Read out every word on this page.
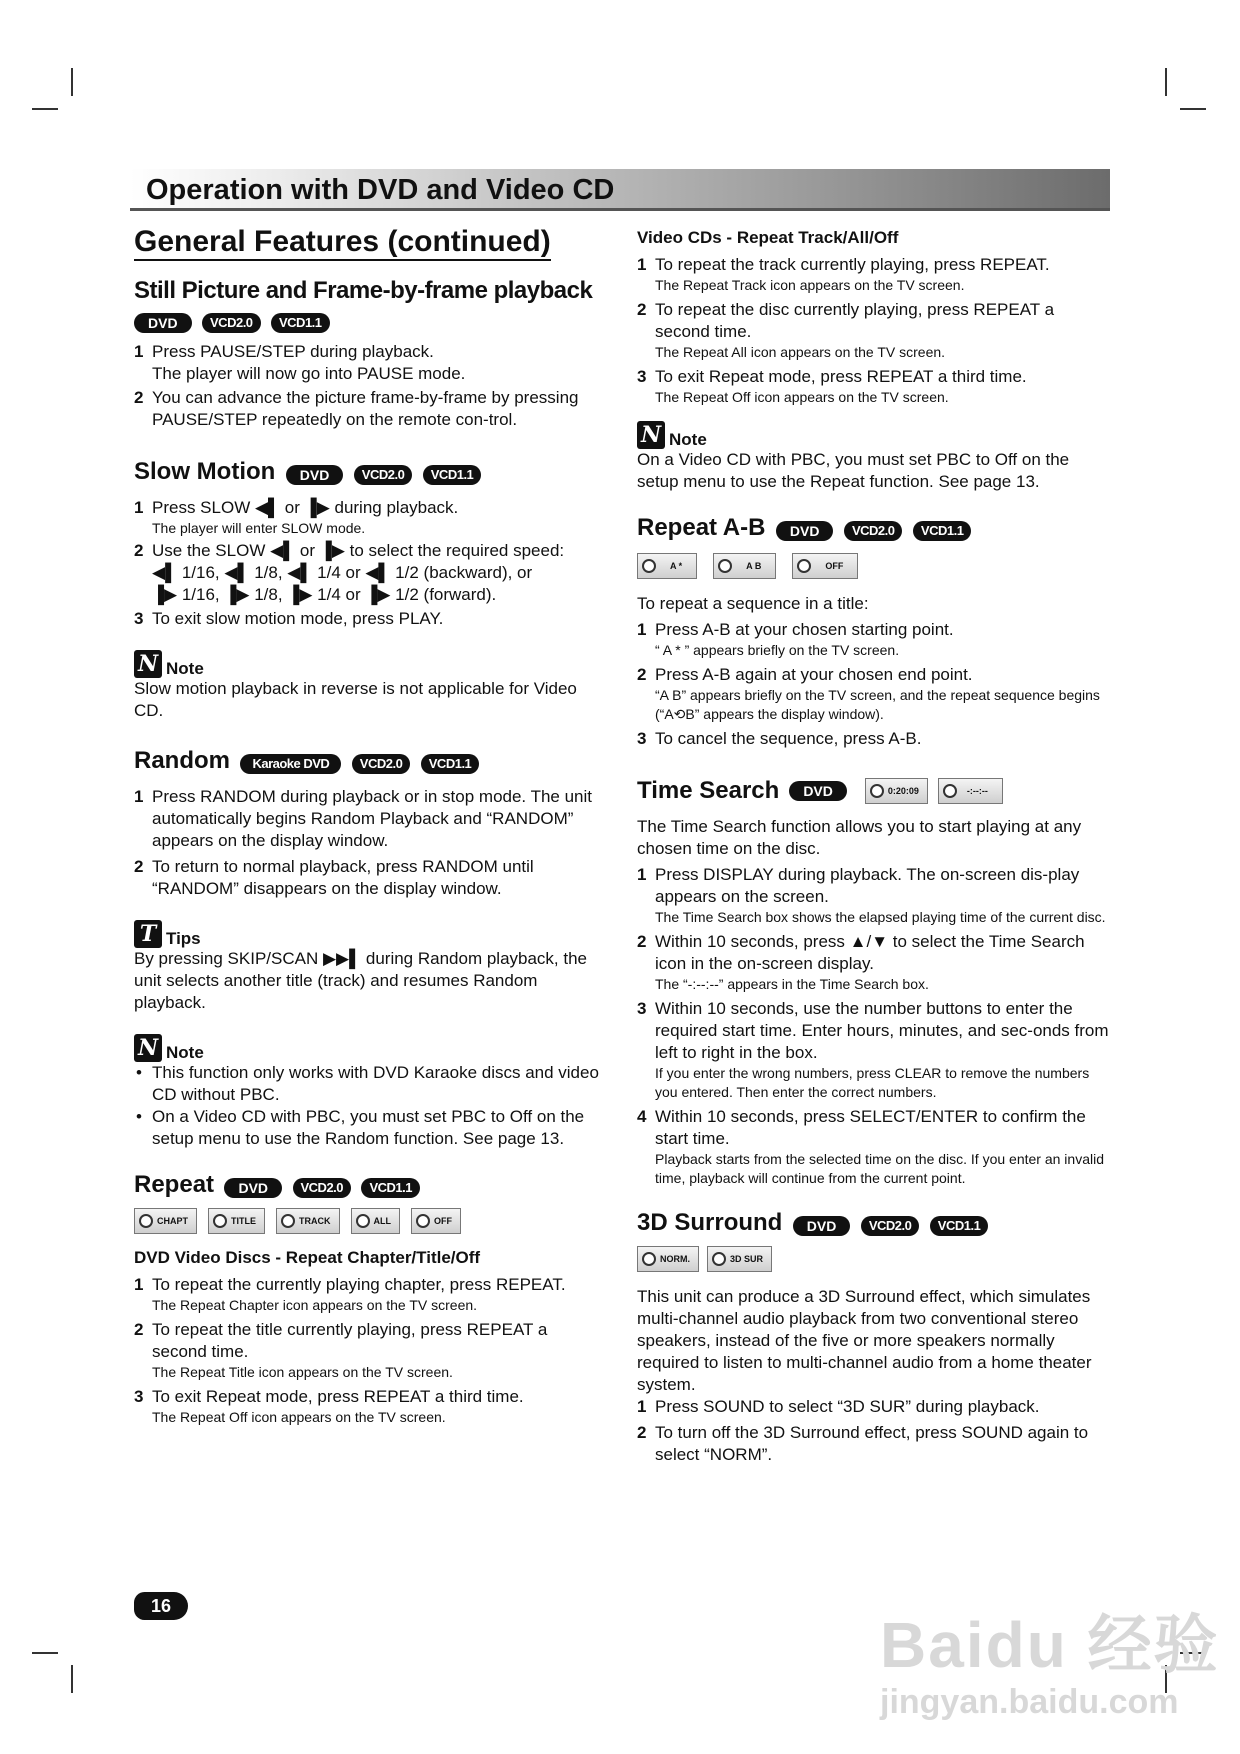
Operation with DVD and Video CD
General Features (continued)
Still Picture and Frame-by-frame playback
DVD VCD2.0 VCD1.1
1 Press PAUSE/STEP during playback.
The player will now go into PAUSE mode.
2 You can advance the picture frame-by-frame by pressing PAUSE/STEP repeatedly on the remote con-trol.
Slow Motion DVD VCD2.0 VCD1.1
1 Press SLOW ◀▌ or ▐▶ during playback.
The player will enter SLOW mode.
2 Use the SLOW ◀▌ or ▐▶ to select the required speed:
◀▌ 1/16, ◀▌ 1/8, ◀▌ 1/4 or ◀▌ 1/2 (backward), or
▐▶ 1/16, ▐▶ 1/8, ▐▶ 1/4 or ▐▶ 1/2 (forward).
3 To exit slow motion mode, press PLAY.
N Note

Slow motion playback in reverse is not applicable for Video CD.

Random Karaoke DVD VCD2.0 VCD1.1
1 Press RANDOM during playback or in stop mode. The unit automatically begins Random Playback and “RANDOM” appears on the display window.
2 To return to normal playback, press RANDOM until “RANDOM” disappears on the display window.
T Tips

By pressing SKIP/SCAN ▶▶▌ during Random playback, the unit selects another title (track) and resumes Random playback.

N Note
• This function only works with DVD Karaoke discs and video CD without PBC.
• On a Video CD with PBC, you must set PBC to Off on the setup menu to use the Random function. See page 13.
Repeat DVD VCD2.0 VCD1.1
CHAPT	TITLE	TRACK	ALL	OFF
DVD Video Discs - Repeat Chapter/Title/Off
1 To repeat the currently playing chapter, press REPEAT.
The Repeat Chapter icon appears on the TV screen.
2 To repeat the title currently playing, press REPEAT a second time.
The Repeat Title icon appears on the TV screen.
3 To exit Repeat mode, press REPEAT a third time.
The Repeat Off icon appears on the TV screen.
Video CDs - Repeat Track/All/Off
1 To repeat the track currently playing, press REPEAT.
The Repeat Track icon appears on the TV screen.
2 To repeat the disc currently playing, press REPEAT a second time.
The Repeat All icon appears on the TV screen.
3 To exit Repeat mode, press REPEAT a third time.
The Repeat Off icon appears on the TV screen.
N Note

On a Video CD with PBC, you must set PBC to Off on the setup menu to use the Repeat function. See page 13.

Repeat A-B DVD VCD2.0 VCD1.1
A *	A B	OFF

To repeat a sequence in a title:

1 Press A-B at your chosen starting point.
“ A * ” appears briefly on the TV screen.
2 Press A-B again at your chosen end point.
“A B” appears briefly on the TV screen, and the repeat sequence begins (“A⟲B” appears the display window).
3 To cancel the sequence, press A-B.
Time Search	DVD	0:20:09	-:--:--

The Time Search function allows you to start playing at any chosen time on the disc.

1 Press DISPLAY during playback. The on-screen dis-play appears on the screen.
The Time Search box shows the elapsed playing time of the current disc.
2 Within 10 seconds, press ▲/▼ to select the Time Search icon in the on-screen display.
The “-:--:--” appears in the Time Search box.
3 Within 10 seconds, use the number buttons to enter the required start time. Enter hours, minutes, and sec-onds from left to right in the box.
If you enter the wrong numbers, press CLEAR to remove the numbers you entered. Then enter the correct numbers.
4 Within 10 seconds, press SELECT/ENTER to confirm the start time.
Playback starts from the selected time on the disc. If you enter an invalid time, playback will continue from the current point.
3D Surround DVD VCD2.0 VCD1.1
NORM.	3D SUR

This unit can produce a 3D Surround effect, which simulates multi-channel audio playback from two conventional stereo speakers, instead of the five or more speakers normally required to listen to multi-channel audio from a home theater system.

1 Press SOUND to select “3D SUR” during playback.
2 To turn off the 3D Surround effect, press SOUND again to select “NORM”.
16
Baidu 经验
jingyan.baidu.com
